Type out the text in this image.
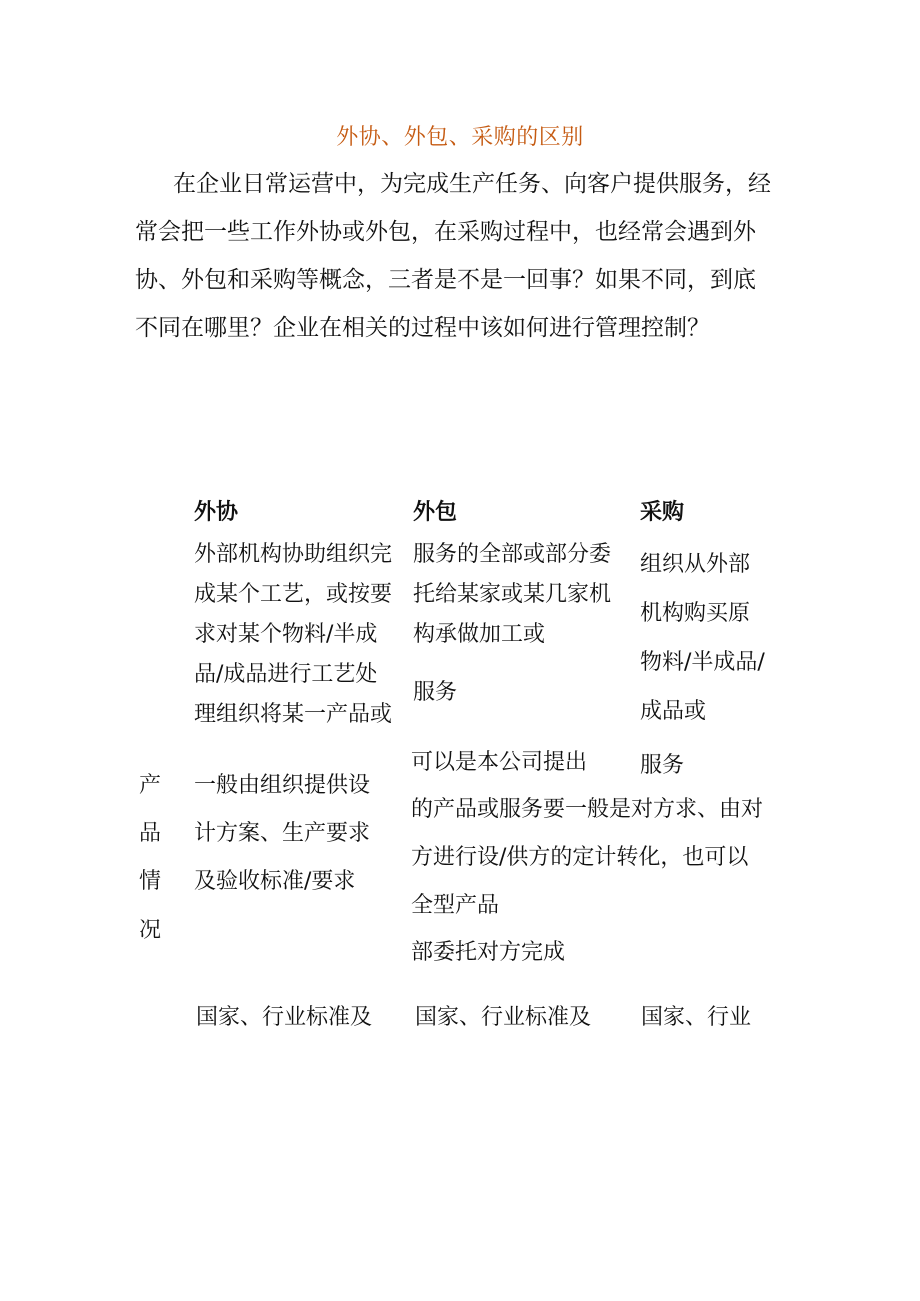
外协、外包、采购的区别
在企业日常运营中，为完成生产任务、向客户提供服务，经
常会把一些工作外协或外包，在采购过程中，也经常会遇到外
协、外包和采购等概念，三者是不是一回事？如果不同，到底
不同在哪里？企业在相关的过程中该如何进行管理控制？
外协	外包	采购
外部机构协助组织完
成某个工艺，或按要
求对某个物料/半成
品/成品进行工艺处
理组织将某一产品或
服务的全部或部分委
托给某家或某几家机
构承做加工或
服务
组织从外部
机构购买原
物料/半成品/
成品或
服务
产
品
情
况
一般由组织提供设
计方案、生产要求
及验收标准/要求
可以是本公司提出
的产品或服务要一般是对方求、由对
方进行设/供方的定计转化，也可以
全型产品
部委托对方完成
国家、行业标准及 国家、行业标准及 国家、行业
